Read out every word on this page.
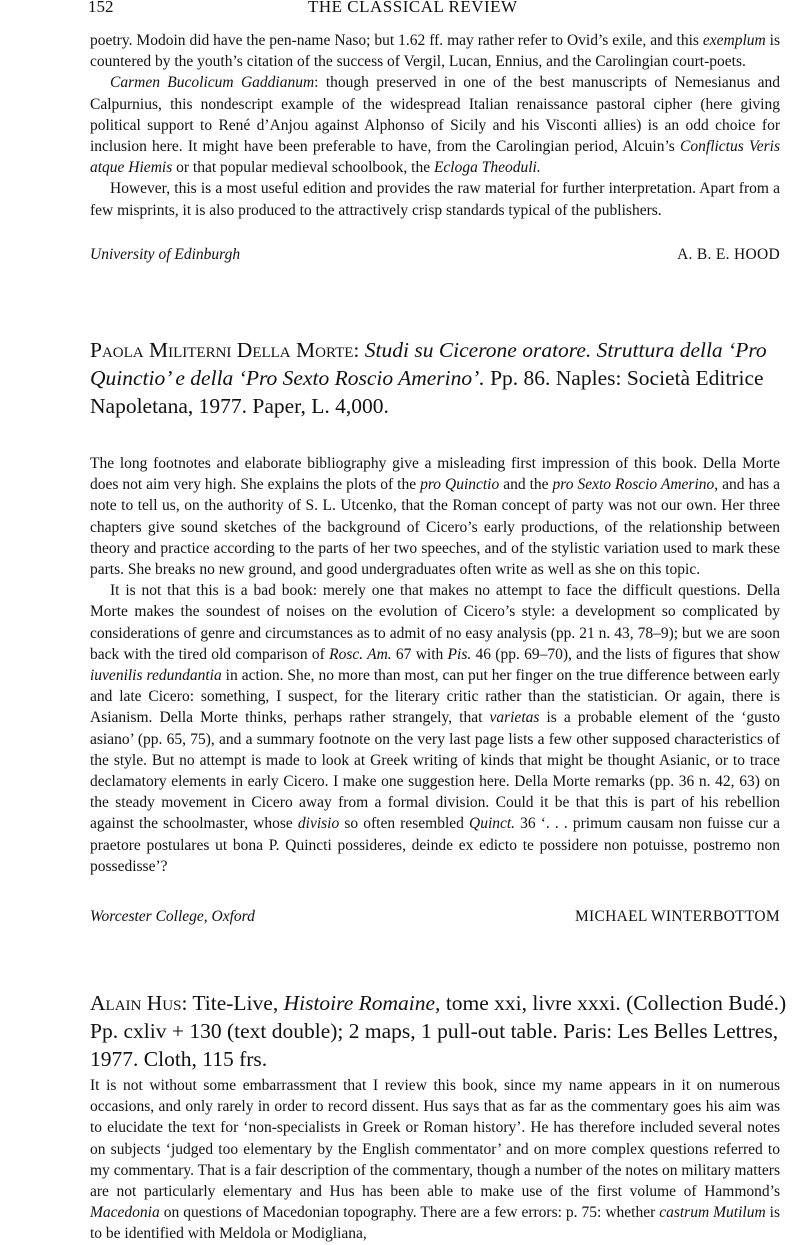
152	THE CLASSICAL REVIEW

poetry. Modoin did have the pen-name Naso; but 1.62 ff. may rather refer to Ovid’s exile, and this exemplum is countered by the youth’s citation of the success of Vergil, Lucan, Ennius, and the Carolingian court-poets.

Carmen Bucolicum Gaddianum: though preserved in one of the best manuscripts of Nemesianus and Calpurnius, this nondescript example of the widespread Italian renaissance pastoral cipher (here giving political support to René d’Anjou against Alphonso of Sicily and his Visconti allies) is an odd choice for inclusion here. It might have been preferable to have, from the Carolingian period, Alcuin’s Conflictus Veris atque Hiemis or that popular medieval schoolbook, the Ecloga Theoduli.

However, this is a most useful edition and provides the raw material for further interpretation. Apart from a few misprints, it is also produced to the attractively crisp standards typical of the publishers.

University of Edinburgh	A. B. E. HOOD
Paola Militerni Della Morte: Studi su Cicerone oratore. Struttura della ‘Pro Quinctio’ e della ‘Pro Sexto Roscio Amerino’. Pp. 86. Naples: Società Editrice Napoletana, 1977. Paper, L. 4,000.

The long footnotes and elaborate bibliography give a misleading first impression of this book. Della Morte does not aim very high. She explains the plots of the pro Quinctio and the pro Sexto Roscio Amerino, and has a note to tell us, on the authority of S. L. Utcenko, that the Roman concept of party was not our own. Her three chapters give sound sketches of the background of Cicero’s early productions, of the relationship between theory and practice according to the parts of her two speeches, and of the stylistic variation used to mark these parts. She breaks no new ground, and good undergraduates often write as well as she on this topic.

It is not that this is a bad book: merely one that makes no attempt to face the difficult questions. Della Morte makes the soundest of noises on the evolution of Cicero’s style: a development so complicated by considerations of genre and circumstances as to admit of no easy analysis (pp. 21 n. 43, 78–9); but we are soon back with the tired old comparison of Rosc. Am. 67 with Pis. 46 (pp. 69–70), and the lists of figures that show iuvenilis redundantia in action. She, no more than most, can put her finger on the true difference between early and late Cicero: something, I suspect, for the literary critic rather than the statistician. Or again, there is Asianism. Della Morte thinks, perhaps rather strangely, that varietas is a probable element of the ‘gusto asiano’ (pp. 65, 75), and a summary footnote on the very last page lists a few other supposed characteristics of the style. But no attempt is made to look at Greek writing of kinds that might be thought Asianic, or to trace declamatory elements in early Cicero. I make one suggestion here. Della Morte remarks (pp. 36 n. 42, 63) on the steady movement in Cicero away from a formal division. Could it be that this is part of his rebellion against the schoolmaster, whose divisio so often resembled Quinct. 36 ‘. . . primum causam non fuisse cur a praetore postulares ut bona P. Quincti possideres, deinde ex edicto te possidere non potuisse, postremo non possedisse’?

Worcester College, Oxford	MICHAEL WINTERBOTTOM
Alain Hus: Tite-Live, Histoire Romaine, tome xxi, livre xxxi. (Collection Budé.) Pp. cxliv + 130 (text double); 2 maps, 1 pull-out table. Paris: Les Belles Lettres, 1977. Cloth, 115 frs.

It is not without some embarrassment that I review this book, since my name appears in it on numerous occasions, and only rarely in order to record dissent. Hus says that as far as the commentary goes his aim was to elucidate the text for ‘non-specialists in Greek or Roman history’. He has therefore included several notes on subjects ‘judged too elementary by the English commentator’ and on more complex questions referred to my commentary. That is a fair description of the commentary, though a number of the notes on military matters are not particularly elementary and Hus has been able to make use of the first volume of Hammond’s Macedonia on questions of Macedonian topography. There are a few errors: p. 75: whether castrum Mutilum is to be identified with Meldola or Modigliana,
